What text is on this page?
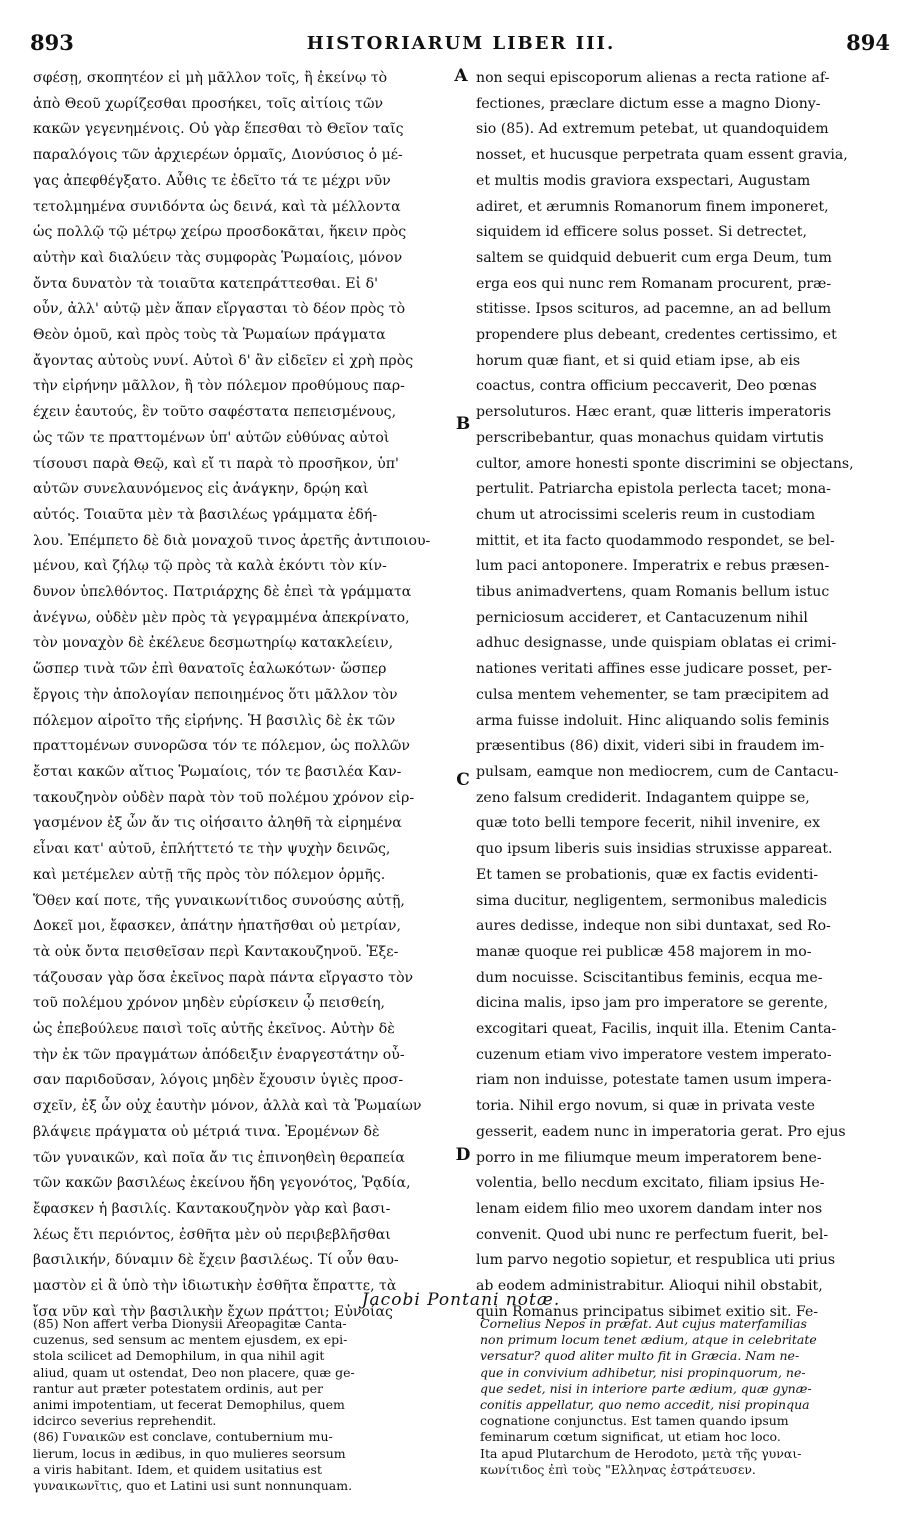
893	HISTORIARUM LIBER III.	894
σφέσῃ, σκοπητέον εἰ μὴ μᾶλλον τοῖς, ἢ ἐκείνῳ τὸ
ἀπὸ Θεοῦ χωρίζεσθαι προσήκει, τοῖς αἰτίοις τῶν
κακῶν γεγενημένοις. Οὐ γὰρ ἕπεσθαι τὸ Θεῖον ταῖς
παραλόγοις τῶν ἀρχιερέων ὁρμαῖς, Διονύσιος ὁ μέ-
γας ἀπεφθέγξατο. Αὖθις τε ἐδεῖτο τά τε μέχρι νῦν
τετολμημένα συνιδόντα ὡς δεινά, καὶ τὰ μέλλοντα
ὡς πολλῷ τῷ μέτρῳ χείρω προσδοκᾶται, ἥκειν πρὸς
αὐτὴν καὶ διαλύειν τὰς συμφορὰς Ῥωμαίοις, μόνον
ὄντα δυνατὸν τὰ τοιαῦτα κατεπράττεσθαι. Εἰ δ'
οὖν, ἀλλ' αὐτῷ μὲν ἅπαν εἴργασται τὸ δέον πρὸς τὸ
Θεὸν ὁμοῦ, καὶ πρὸς τοὺς τὰ Ῥωμαίων πράγματα
ἄγοντας αὐτοὺς νυνί. Αὐτοὶ δ' ἂν εἰδεῖεν εἰ χρὴ πρὸς
τὴν εἰρήνην μᾶλλον, ἢ τὸν πόλεμον προθύμους παρ-
έχειν ἑαυτούς, ἓν τοῦτο σαφέστατα πεπεισμένους,
ὡς τῶν τε πραττομένων ὑπ' αὐτῶν εὐθύνας αὐτοὶ
τίσουσι παρὰ Θεῷ, καὶ εἴ τι παρὰ τὸ προσῆκον, ὑπ'
αὐτῶν συνελαυνόμενος εἰς ἀνάγκην, δρῴη καὶ
αὐτός. Τοιαῦτα μὲν τὰ βασιλέως γράμματα ἐδή-
λου. Ἐπέμπετο δὲ διὰ μοναχοῦ τινος ἀρετῆς ἀντιποιου-
μένου, καὶ ζήλῳ τῷ πρὸς τὰ καλὰ ἑκόντι τὸν κίν-
δυνον ὑπελθόντος. Πατριάρχης δὲ ἐπεὶ τὰ γράμματα
ἀνέγνω, οὐδὲν μὲν πρὸς τὰ γεγραμμένα ἀπεκρίνατο,
τὸν μοναχὸν δὲ ἐκέλευε δεσμωτηρίῳ κατακλείειν,
ὥσπερ τινὰ τῶν ἐπὶ θανατοῖς ἑαλωκότων· ὥσπερ
ἔργοις τὴν ἀπολογίαν πεποιημένος ὅτι μᾶλλον τὸν
πόλεμον αἱροῖτο τῆς εἰρήνης. Ἡ βασιλὶς δὲ ἐκ τῶν
πραττομένων συνορῶσα τόν τε πόλεμον, ὡς πολλῶν
ἔσται κακῶν αἴτιος Ῥωμαίοις, τόν τε βασιλέα Καν-
τακουζηνὸν οὐδὲν παρὰ τὸν τοῦ πολέμου χρόνον εἰρ-
γασμένον ἐξ ὧν ἄν τις οἰήσαιτο ἀληθῆ τὰ εἰρημένα
εἶναι κατ' αὐτοῦ, ἐπλήττετό τε τὴν ψυχὴν δεινῶς,
καὶ μετέμελεν αὐτῇ τῆς πρὸς τὸν πόλεμον ὁρμῆς.
Ὅθεν καί ποτε, τῆς γυναικωνίτιδος συνούσης αὐτῇ,
Δοκεῖ μοι, ἔφασκεν, ἀπάτην ἠπατῆσθαι οὐ μετρίαν,
τὰ οὐκ ὄντα πεισθεῖσαν περὶ Καντακουζηνοῦ. Ἐξε-
τάζουσαν γὰρ ὅσα ἐκεῖνος παρὰ πάντα εἴργαστο τὸν
τοῦ πολέμου χρόνον μηδὲν εὑρίσκειν ᾧ πεισθείη,
ὡς ἐπεβούλευε παισὶ τοῖς αὐτῆς ἐκεῖνος. Αὐτὴν δὲ
τὴν ἐκ τῶν πραγμάτων ἀπόδειξιν ἐναργεστάτην οὖ-
σαν παριδοῦσαν, λόγοις μηδὲν ἔχουσιν ὑγιὲς προσ-
σχεῖν, ἐξ ὧν οὐχ ἑαυτὴν μόνον, ἀλλὰ καὶ τὰ Ῥωμαίων
βλάψειε πράγματα οὐ μέτριά τινα. Ἐρομένων δὲ
τῶν γυναικῶν, καὶ ποῖα ἄν τις ἐπινοηθεὶη θεραπεία
τῶν κακῶν βασιλέως ἐκείνου ἤδη γεγονότος, Ῥᾳδία,
ἔφασκεν ἡ βασιλίς. Καντακουζηνὸν γὰρ καὶ βασι-
λέως ἔτι περιόντος, ἐσθῆτα μὲν οὐ περιβεβλῆσθαι
βασιλικήν, δύναμιν δὲ ἔχειν βασιλέως. Τί οὖν θαυ-
μαστὸν εἰ ἃ ὑπὸ τὴν ἰδιωτικὴν ἐσθῆτα ἔπραττε, τὰ
ἴσα νῦν καὶ τὴν βασιλικὴν ἔχων πράττοι; Εὐνοίας
non sequi episcoporum alienas a recta ratione af-
fectiones, præclare dictum esse a magno Diony-
sio (85). Ad extremum petebat, ut quandoquidem
nosset, et hucusque perpetrata quam essent gravia,
et multis modis graviora exspectari, Augustam
adiret, et ærumnis Romanorum finem imponeret,
siquidem id efficere solus posset. Si detrectet,
saltem se quidquid debuerit cum erga Deum, tum
erga eos qui nunc rem Romanam procurent, præ-
stitisse. Ipsos scituros, ad pacemne, an ad bellum
propendere plus debeant, credentes certissimo, et
horum quæ fiant, et si quid etiam ipse, ab eis
coactus, contra officium peccaverit, Deo pœnas
persoluturos. Hæc erant, quæ litteris imperatoris
perscribebantur, quas monachus quidam virtutis
cultor, amore honesti sponte discrimini se objectans,
pertulit. Patriarcha epistola perlecta tacet; mona-
chum ut atrocissimi sceleris reum in custodiam
mittit, et ita facto quodammodo respondet, se bel-
lum paci antoponere. Imperatrix e rebus præsen-
tibus animadvertens, quam Romanis bellum istuc
perniciosum acciderет, et Cantacuzenum nihil
adhuc designasse, unde quispiam oblatas ei crimi-
nationes veritati affines esse judicare posset, per-
culsa mentem vehementer, se tam præcipitem ad
arma fuisse indoluit. Hinc aliquando solis feminis
præsentibus (86) dixit, videri sibi in fraudem im-
pulsam, eamque non mediocrem, cum de Cantacu-
zeno falsum crediderit. Indagantem quippe se,
quæ toto belli tempore fecerit, nihil invenire, ex
quo ipsum liberis suis insidias struxisse appareat.
Et tamen se probationis, quæ ex factis evidenti-
sima ducitur, negligentem, sermonibus maledicis
aures dedisse, indeque non sibi duntaxat, sed Ro-
manæ quoque rei publicæ 458 majorem in mo-
dum nocuisse. Sciscitantibus feminis, ecqua me-
dicina malis, ipso jam pro imperatore se gerente,
excogitari queat, Facilis, inquit illa. Etenim Canta-
cuzenum etiam vivo imperatore vestem imperato-
riam non induisse, potestate tamen usum impera-
toria. Nihil ergo novum, si quæ in privata veste
gesserit, eadem nunc in imperatoria gerat. Pro ejus
porro in me filiumque meum imperatorem bene-
volentia, bello necdum excitato, filiam ipsius He-
lenam eidem filio meo uxorem dandam inter nos
convenit. Quod ubi nunc re perfectum fuerit, bel-
lum parvo negotio sopietur, et respublica uti prius
ab eodem administrabitur. Alioqui nihil obstabit,
quin Romanus principatus sibimet exitio sit. Fe-
A
B
C
D
Jacobi Pontani notæ.
(85) Non affert verba Dionysii Areopagitæ Canta-
cuzenus, sed sensum ac mentem ejusdem, ex epi-
stola scilicet ad Demophilum, in qua nihil agit
aliud, quam ut ostendat, Deo non placere, quæ ge-
rantur aut præter potestatem ordinis, aut per
animi impotentiam, ut fecerat Demophilus, quem
idcirco severius reprehendit.
(86) Γυναικῶν est conclave, contubernium mu-
lierum, locus in ædibus, in quo mulieres seorsum
a viris habitant. Idem, et quidem usitatius est
γυναικωνῖτις, quo et Latini usi sunt nonnunquam.
Cornelius Nepos in præfat. Aut cujus materfamilias
non primum locum tenet ædium, atque in celebritate
versatur? quod aliter multo fit in Græcia. Nam ne-
que in convivium adhibetur, nisi propinquorum, ne-
que sedet, nisi in interiore parte ædium, quæ gynæ-
conitis appellatur, quo nemo accedit, nisi propinqua
cognatione conjunctus. Est tamen quando ipsum
feminarum cœtum significat, ut etiam hoc loco.
Ita apud Plutarchum de Herodoto, μετὰ τῆς γυναι-
κωνίτιδος ἐπὶ τοὺς "Ελληνας ἐστράτευσεν.
